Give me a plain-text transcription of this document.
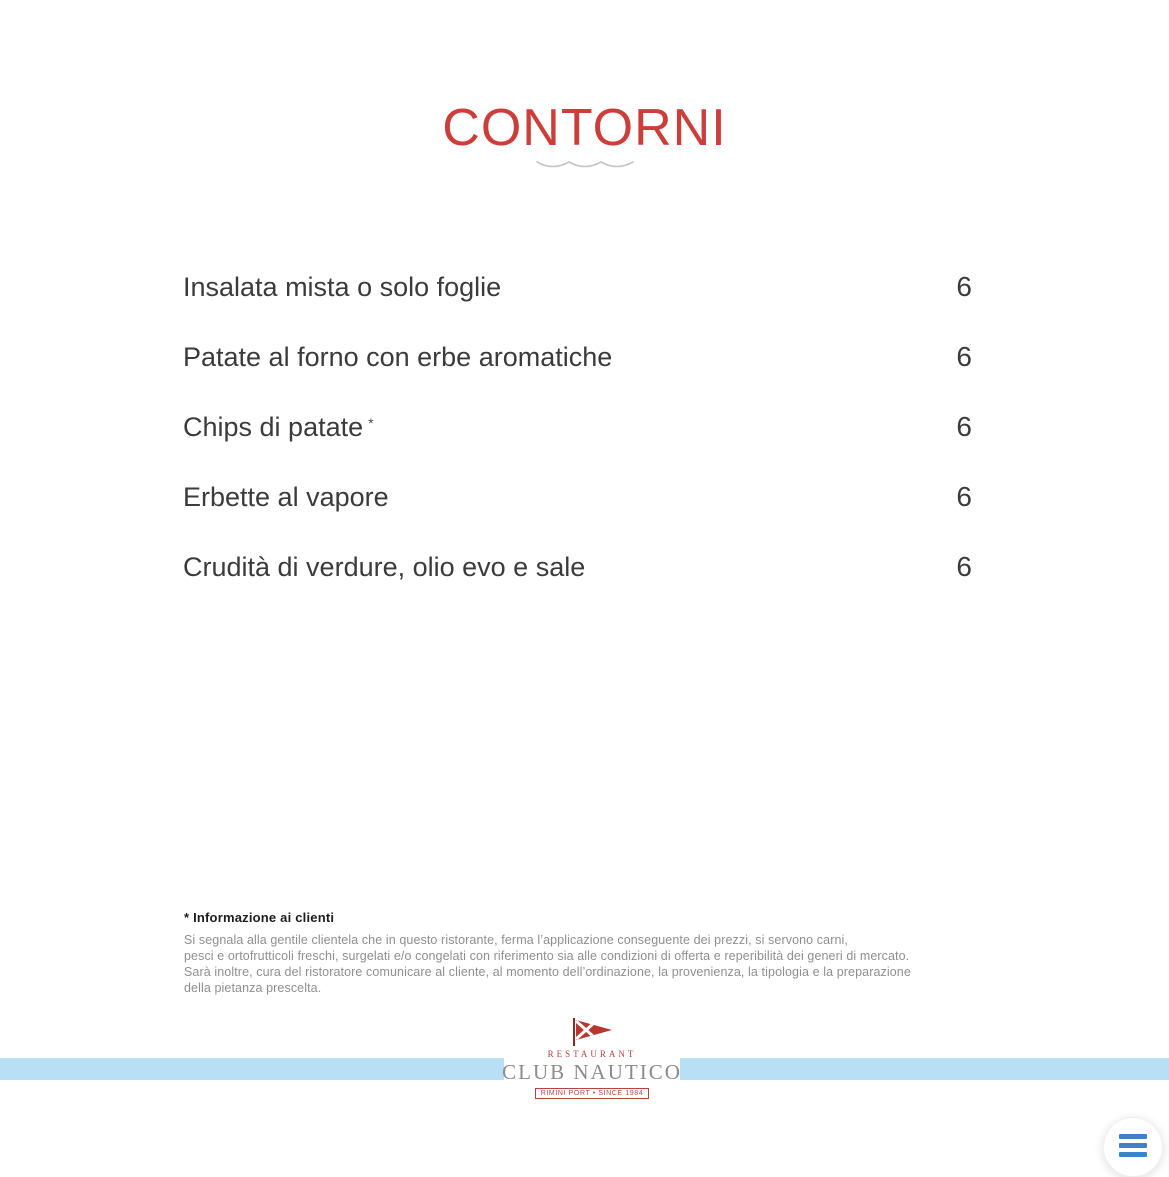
CONTORNI
Insalata mista o solo foglie	6
Patate al forno con erbe aromatiche	6
Chips di patate *	6
Erbette al vapore	6
Crudità di verdure, olio evo e sale	6
* Informazione ai clienti
Si segnala alla gentile clientela che in questo ristorante, ferma l’applicazione conseguente dei prezzi, si servono carni,
pesci e ortofrutticoli freschi, surgelati e/o congelati con riferimento sia alle condizioni di offerta e reperibilità dei generi di mercato.
Sarà inoltre, cura del ristoratore comunicare al cliente, al momento dell’ordinazione, la provenienza, la tipologia e la preparazione
della pietanza prescelta.
RESTAURANT
CLUB NAUTICO
RIMINI PORT • SINCE 1984
